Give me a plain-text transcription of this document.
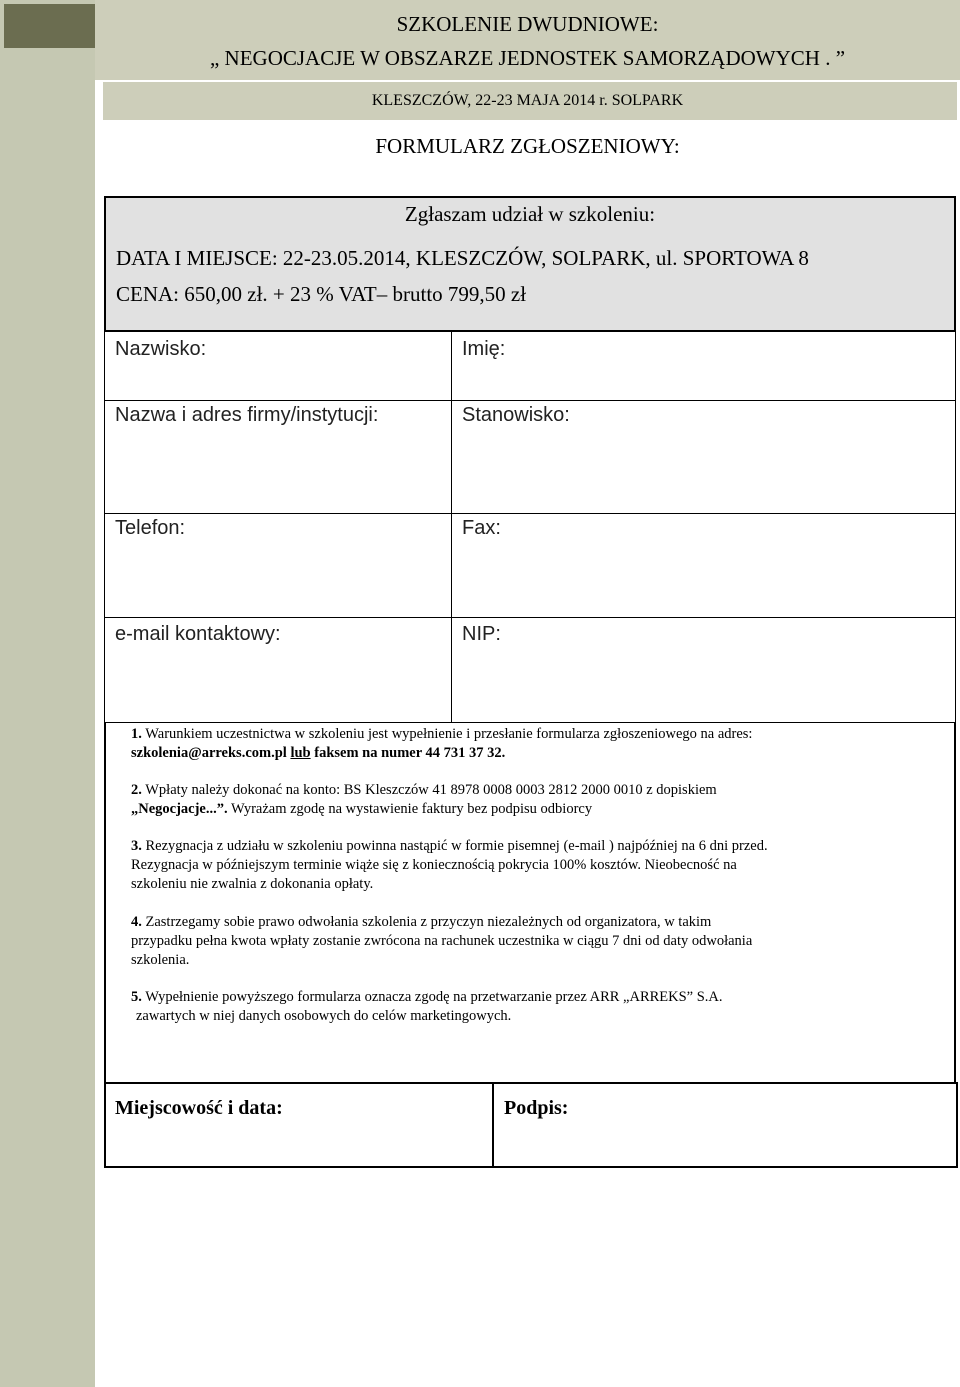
SZKOLENIE DWUDNIOWE:
„ NEGOCJACJE W OBSZARZE JEDNOSTEK SAMORZĄDOWYCH . ”
KLESZCZÓW, 22-23 MAJA 2014 r. SOLPARK
FORMULARZ ZGŁOSZENIOWY:
Zgłaszam udział w szkoleniu:
DATA I MIEJSCE: 22-23.05.2014, KLESZCZÓW, SOLPARK, ul. SPORTOWA 8
CENA: 650,00 zł. + 23 % VAT– brutto 799,50 zł
Nazwisko:	Imię:
Nazwa i adres firmy/instytucji:	Stanowisko:
Telefon:	Fax:
e-mail kontaktowy:	NIP:
1. Warunkiem uczestnictwa w szkoleniu jest wypełnienie i przesłanie formularza zgłoszeniowego na adres:
szkolenia@arreks.com.pl lub faksem na numer 44 731 37 32.
2. Wpłaty należy dokonać na konto: BS Kleszczów 41 8978 0008 0003 2812 2000 0010 z dopiskiem
„Negocjacje...”. Wyrażam zgodę na wystawienie faktury bez podpisu odbiorcy
3. Rezygnacja z udziału w szkoleniu powinna nastąpić w formie pisemnej (e-mail ) najpóźniej na 6 dni przed.
Rezygnacja w późniejszym terminie wiąże się z koniecznością pokrycia 100% kosztów. Nieobecność na
szkoleniu nie zwalnia z dokonania opłaty.
4. Zastrzegamy sobie prawo odwołania szkolenia z przyczyn niezależnych od organizatora, w takim
przypadku pełna kwota wpłaty zostanie zwrócona na rachunek uczestnika w ciągu 7 dni od daty odwołania
szkolenia.
5. Wypełnienie powyższego formularza oznacza zgodę na przetwarzanie przez ARR „ARREKS” S.A.
zawartych w niej danych osobowych do celów marketingowych.
Miejscowość i data:	Podpis:
